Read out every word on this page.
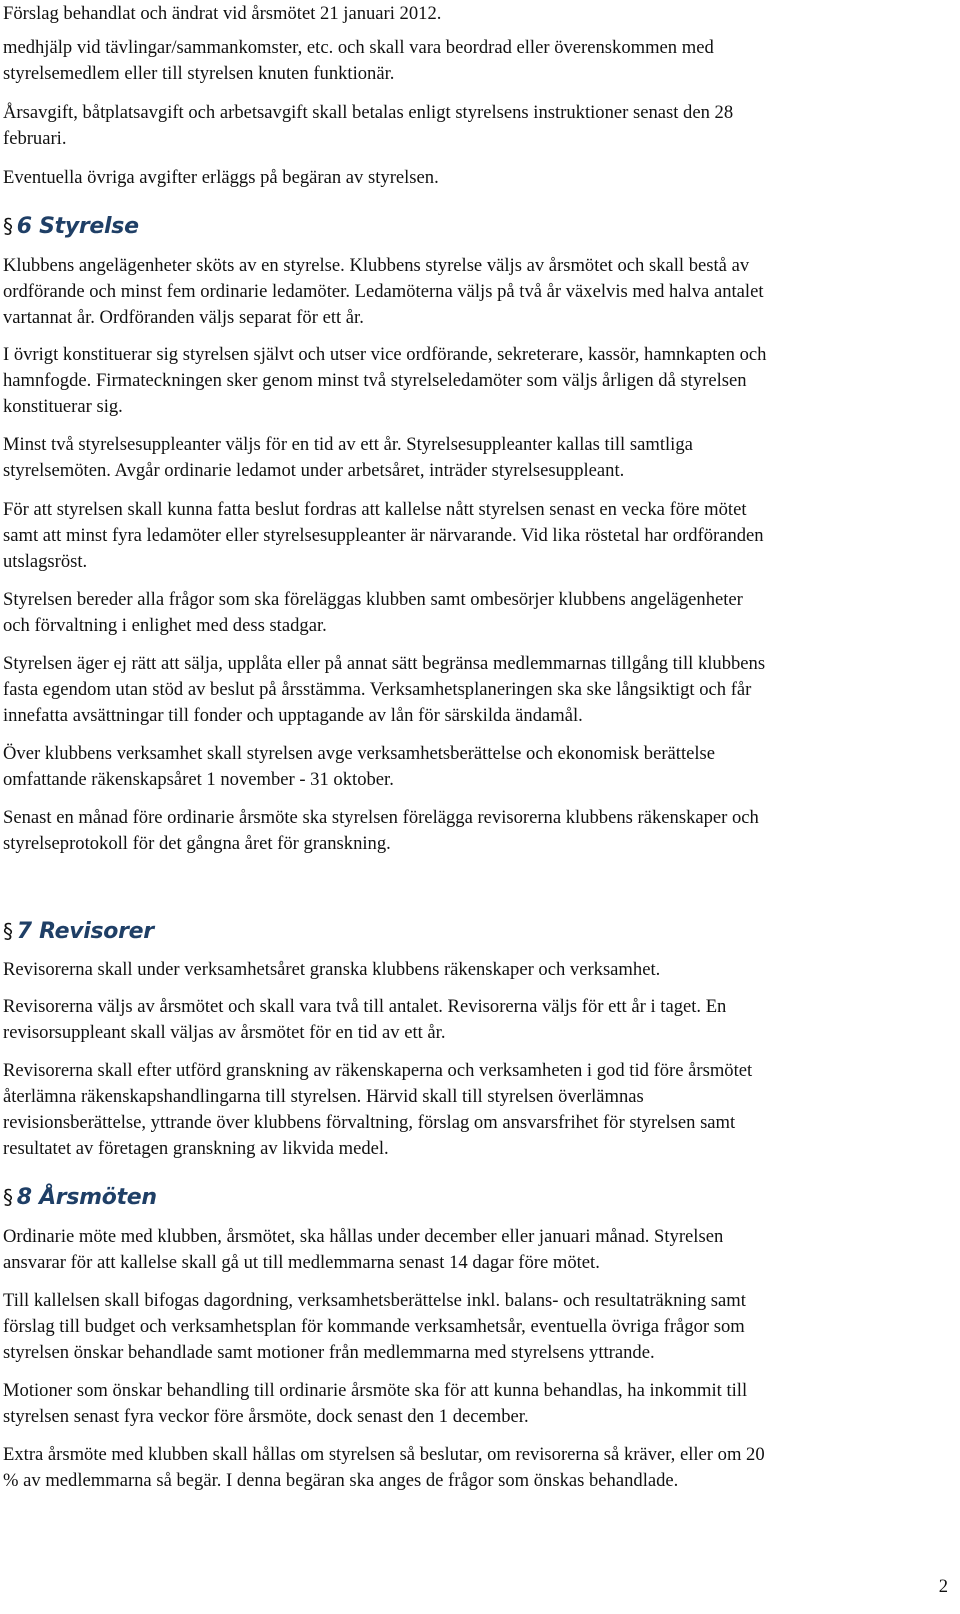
Förslag behandlat och ändrat vid årsmötet 21 januari 2012.

medhjälp vid tävlingar/sammankomster, etc. och skall vara beordrad eller överenskommen med

styrelsemedlem eller till styrelsen knuten funktionär.

Årsavgift, båtplatsavgift och arbetsavgift skall betalas enligt styrelsens instruktioner senast den 28

februari.

Eventuella övriga avgifter erläggs på begäran av styrelsen.

§ 6 Styrelse

Klubbens angelägenheter sköts av en styrelse. Klubbens styrelse väljs av årsmötet och skall bestå av

ordförande och minst fem ordinarie ledamöter. Ledamöterna väljs på två år växelvis med halva antalet

vartannat år. Ordföranden väljs separat för ett år.

I övrigt konstituerar sig styrelsen självt och utser vice ordförande, sekreterare, kassör, hamnkapten och

hamnfogde. Firmateckningen sker genom minst två styrelseledamöter som väljs årligen då styrelsen

konstituerar sig.

Minst två styrelsesuppleanter väljs för en tid av ett år. Styrelsesuppleanter kallas till samtliga

styrelsemöten. Avgår ordinarie ledamot under arbetsåret, inträder styrelsesuppleant.

För att styrelsen skall kunna fatta beslut fordras att kallelse nått styrelsen senast en vecka före mötet

samt att minst fyra ledamöter eller styrelsesuppleanter är närvarande. Vid lika röstetal har ordföranden

utslagsröst.

Styrelsen bereder alla frågor som ska föreläggas klubben samt ombesörjer klubbens angelägenheter

och förvaltning i enlighet med dess stadgar.

Styrelsen äger ej rätt att sälja, upplåta eller på annat sätt begränsa medlemmarnas tillgång till klubbens

fasta egendom utan stöd av beslut på årsstämma. Verksamhetsplaneringen ska ske långsiktigt och får

innefatta avsättningar till fonder och upptagande av lån för särskilda ändamål.

Över klubbens verksamhet skall styrelsen avge verksamhetsberättelse och ekonomisk berättelse

omfattande räkenskapsåret 1 november - 31 oktober.

Senast en månad före ordinarie årsmöte ska styrelsen förelägga revisorerna klubbens räkenskaper och

styrelseprotokoll för det gångna året för granskning.

§ 7 Revisorer

Revisorerna skall under verksamhetsåret granska klubbens räkenskaper och verksamhet.

Revisorerna väljs av årsmötet och skall vara två till antalet. Revisorerna väljs för ett år i taget. En

revisorsuppleant skall väljas av årsmötet för en tid av ett år.

Revisorerna skall efter utförd granskning av räkenskaperna och verksamheten i god tid före årsmötet

återlämna räkenskapshandlingarna till styrelsen. Härvid skall till styrelsen överlämnas

revisionsberättelse, yttrande över klubbens förvaltning, förslag om ansvarsfrihet för styrelsen samt

resultatet av företagen granskning av likvida medel.

§ 8 Årsmöten

Ordinarie möte med klubben, årsmötet, ska hållas under december eller januari månad. Styrelsen

ansvarar för att kallelse skall gå ut till medlemmarna senast 14 dagar före mötet.

Till kallelsen skall bifogas dagordning, verksamhetsberättelse inkl. balans- och resultaträkning samt

förslag till budget och verksamhetsplan för kommande verksamhetsår, eventuella övriga frågor som

styrelsen önskar behandlade samt motioner från medlemmarna med styrelsens yttrande.

Motioner som önskar behandling till ordinarie årsmöte ska för att kunna behandlas, ha inkommit till

styrelsen senast fyra veckor före årsmöte, dock senast den 1 december.

Extra årsmöte med klubben skall hållas om styrelsen så beslutar, om revisorerna så kräver, eller om 20

% av medlemmarna så begär. I denna begäran ska anges de frågor som önskas behandlade.

2
